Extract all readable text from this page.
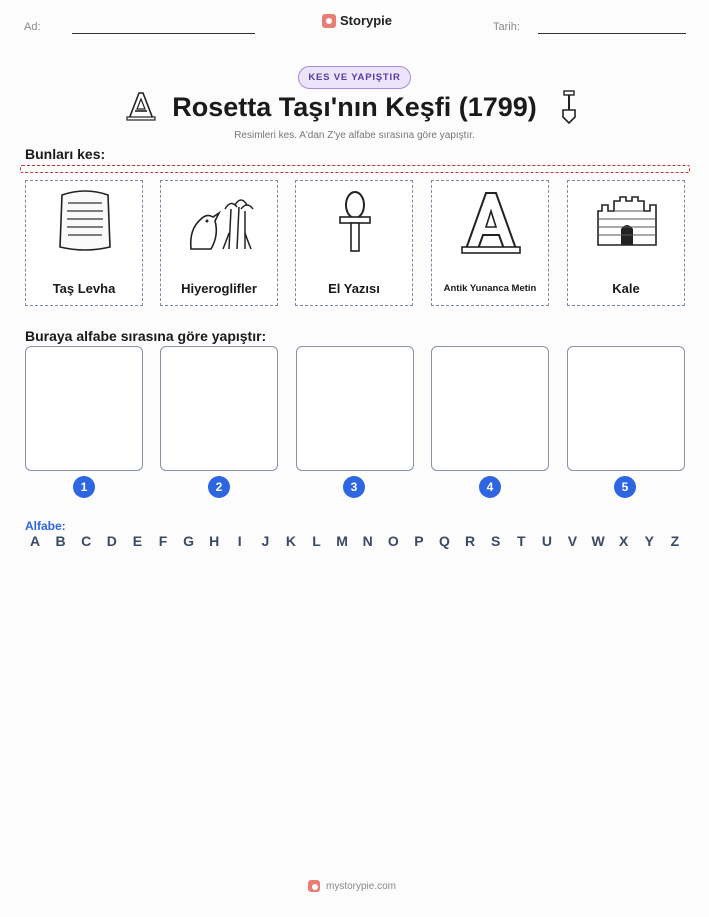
Ad:	Storypie	Tarih:
KES VE YAPIŞTIR
Rosetta Taşı'nın Keşfi (1799)
Resimleri kes. A'dan Z'ye alfabe sırasına göre yapıştır.
Bunları kes:
Taş Levha	Hiyeroglifler	El Yazısı	Antik Yunanca Metin	Kale
Buraya alfabe sırasına göre yapıştır:
1	2	3	4	5
Alfabe:
A	B	C	D	E	F	G	H	I	J	K	L	M	N	O	P	Q	R	S	T	U	V	W	X	Y	Z
mystorypie.com
